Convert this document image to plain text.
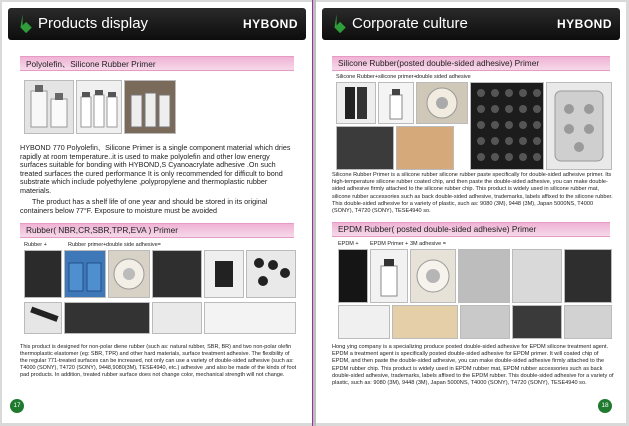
Products display	HYBOND
Polyolefin、Silicone Rubber Primer
HYBOND 770 Polyolefin、Silicone Primer is a single component material which dries rapidly at room temperature..it is used to make polyolefin and other low energy surfaces suitable for bonding with HYBOND,S Cyanoacrylate adhesive .On such treated surfaces the cured performance It is only recommended for difficult to bond substrate which include polyethylene ,polypropylene and thermoplastic rubber materials.
The product has a shelf life of one year and should be stored in its original containers below 77°F. Exposure to moisture must be avoided
Rubber( NBR,CR,SBR,TPR,EVA ) Primer
Rubber +	Rubber primer+ double side adhesive=
This product is designed for non-polar diene rubber (such as: natural rubber, SBR, BR) and two non-polar olefin thermoplastic elastomer (eg: SBR, TPR) and other hard materials, surface treatment adhesive. The flexibility of the regular 771-treated surfaces can be increased, not only can use a variety of double-sided adhesive (such as: T4000 (SONY), T4720 (SONY), 9448,9080(3M), TESE4940, etc.) adhesive ,and also be made of the kinds of foot pad products. In addition, treated rubber surface does not change color, mechanical strength will not change.
17
Corporate culture	HYBOND
Silicone Rubber(posted double-sided adhesive) Primer
Silicone Rubber+ silicone primer+ double sided adhesive
Silicone Rubber Primer is a silicone rubber silicone rubber paste specifically for double-sided adhesive primer. Its high-temperature silicone rubber coated chip, and then paste the double-sided adhesive, you can make double-sided adhesive firmly attached to the silicone rubber chip. This product is widely used in silicone rubber mat, silicone rubber accessories such as back double-sided adhesive, trademarks, labels affixed to the silicone rubber. This double-sided adhesive for a variety of plastic, such as: 9080 (3M), 9448 (3M), Japan 5000NS, T4000 (SONY), T4720 (SONY), TESE4940 so.
EPDM Rubber( posted double-sided adhesive) Primer
EPDM + EPDM Primer + 3M adhesive =
Hong ying company is a specializing produce posted double-sided adhesive for EPDM silicone treatment agent. EPDM a treatment agent is specifically posted double-sided adhesive for EPDM primer. It will coated chip of EPDM, and then paste the double-sided adhesive, you can make double-sided adhesive firmly attached to the EPDM rubber chip. This product is widely used in EPDM rubber mat, EPDM rubber accessories such as back double-sided adhesive, trademarks, labels affixed to the EPDM rubber. This double-sided adhesive for a variety of plastic, such as: 9080 (3M), 9448 (3M), Japan 5000NS, T4000 (SONY), T4720 (SONY), TESE4940 so.
18
